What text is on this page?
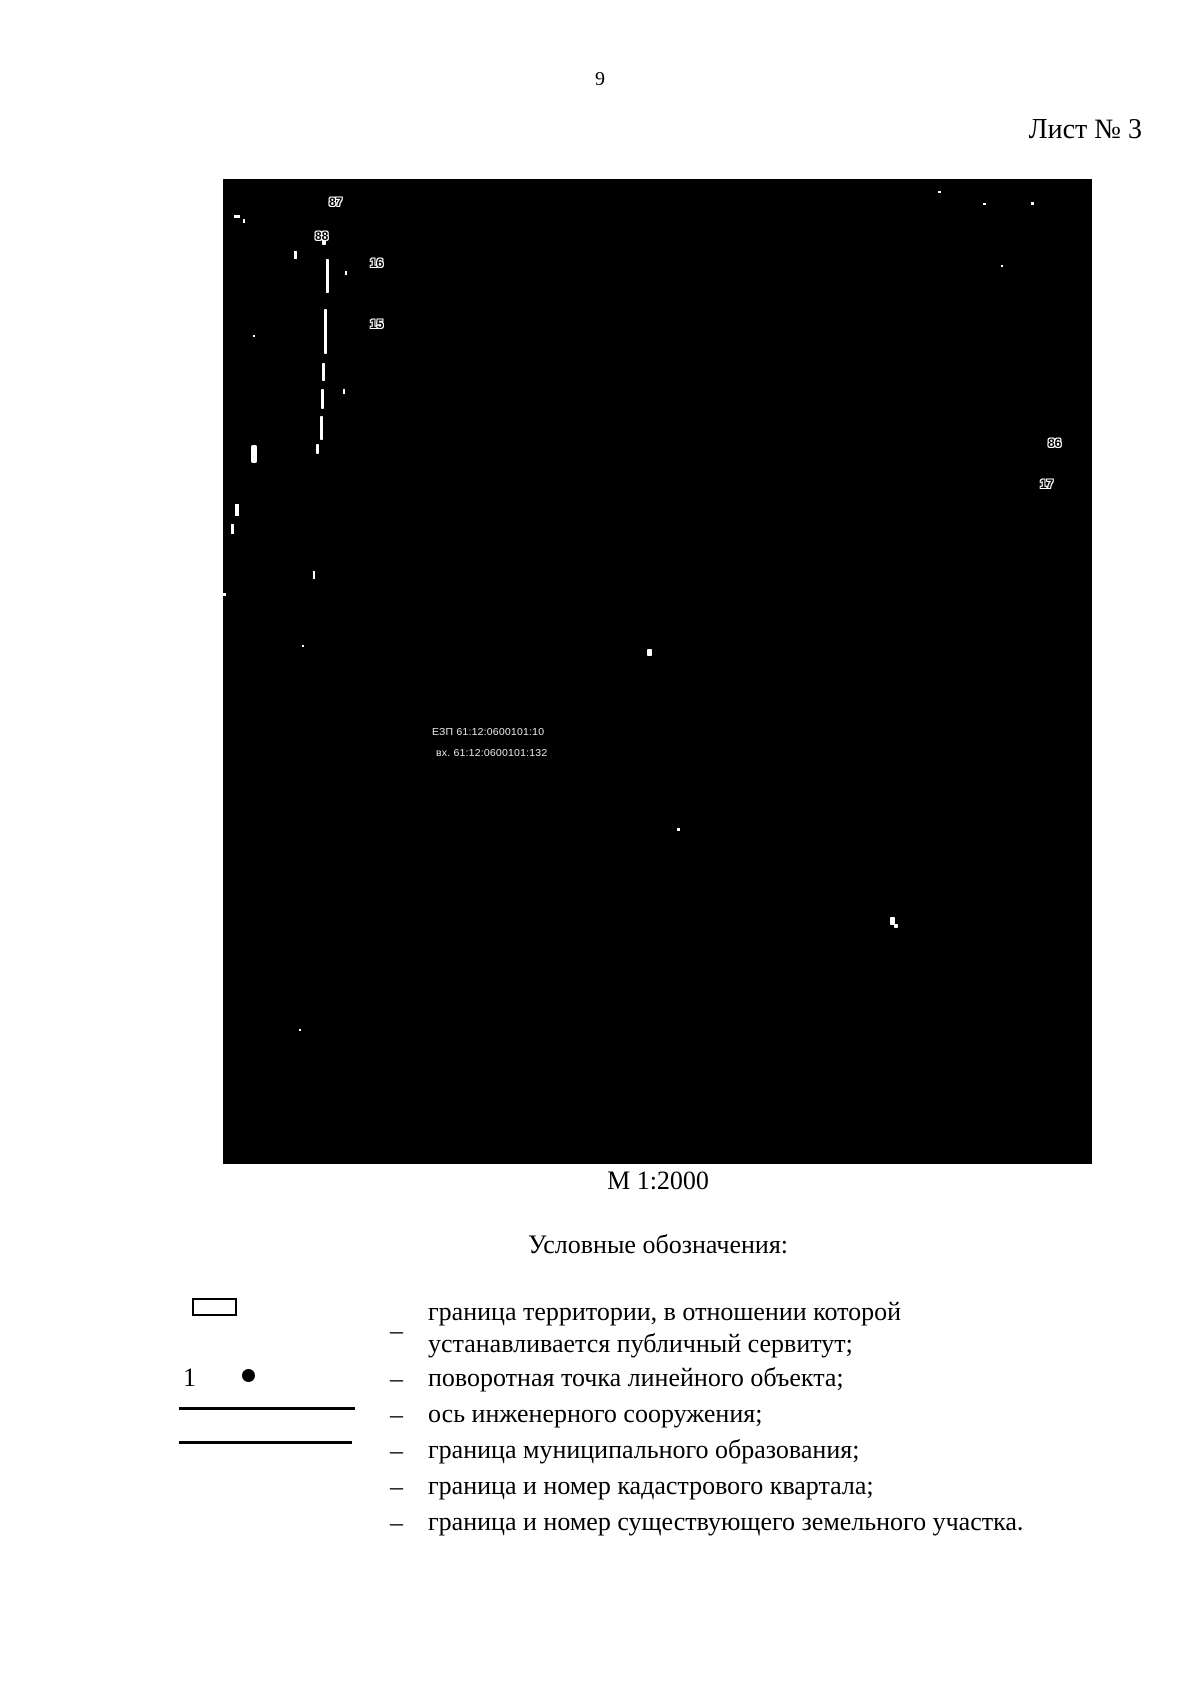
9
Лист № 3
87
88
16
15
86
17
ЕЗП 61:12:0600101:10
вх. 61:12:0600101:132
М 1:2000
Условные обозначения:
1
–
граница территории, в отношении которой
устанавливается публичный сервитут;
– поворотная точка линейного объекта;
– ось инженерного сооружения;
– граница муниципального образования;
– граница и номер кадастрового квартала;
– граница и номер существующего земельного участка.
